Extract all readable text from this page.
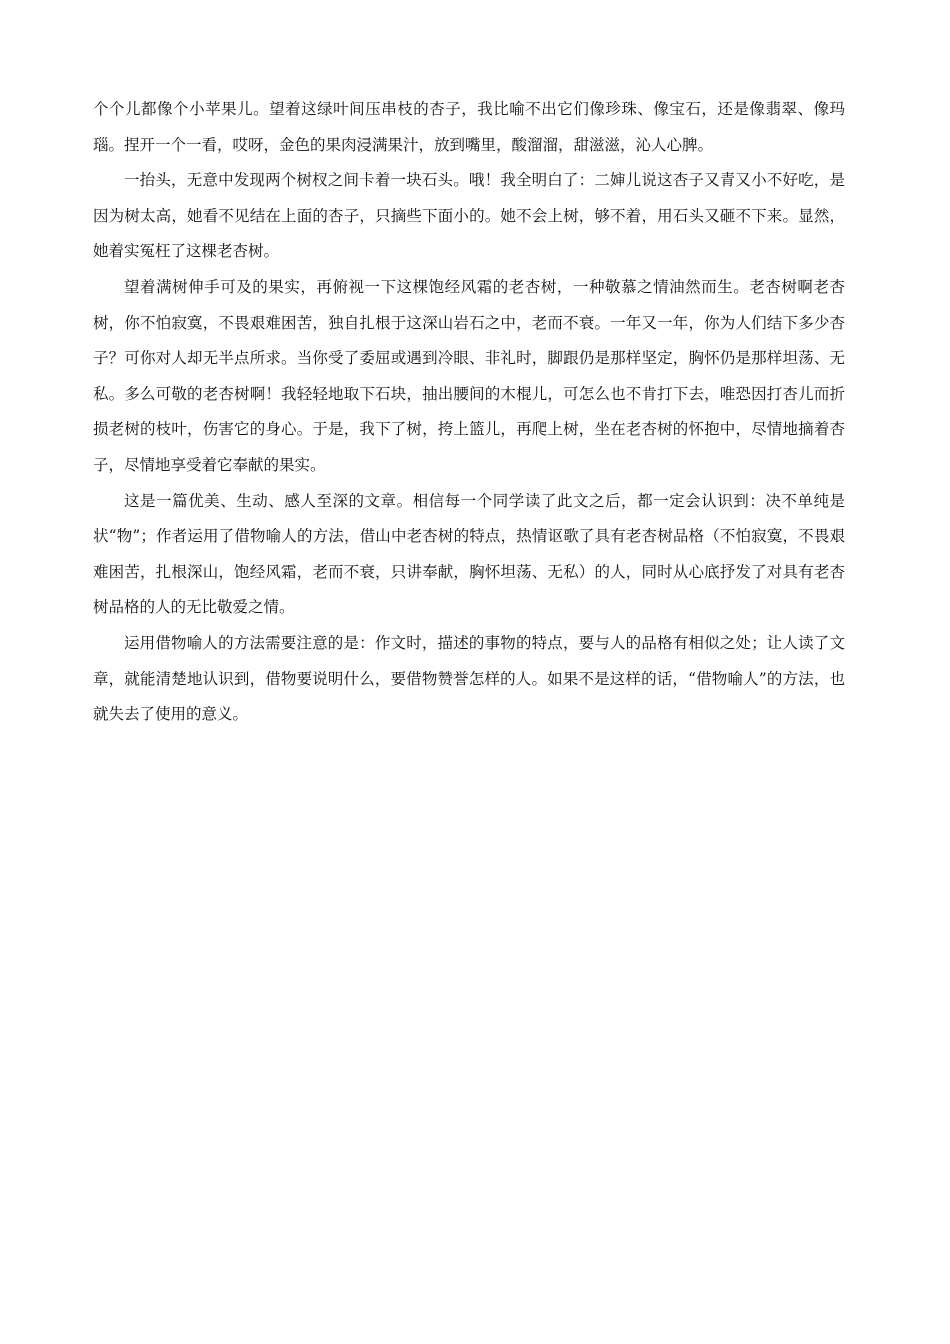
个个儿都像个小苹果儿。望着这绿叶间压串枝的杏子，我比喻不出它们像珍珠、像宝石，还是像翡翠、像玛瑙。捏开一个一看，哎呀，金色的果肉浸满果汁，放到嘴里，酸溜溜，甜滋滋，沁人心脾。

一抬头，无意中发现两个树杈之间卡着一块石头。哦！我全明白了：二婶儿说这杏子又青又小不好吃，是因为树太高，她看不见结在上面的杏子，只摘些下面小的。她不会上树，够不着，用石头又砸不下来。显然，她着实冤枉了这棵老杏树。

望着满树伸手可及的果实，再俯视一下这棵饱经风霜的老杏树，一种敬慕之情油然而生。老杏树啊老杏树，你不怕寂寞，不畏艰难困苦，独自扎根于这深山岩石之中，老而不衰。一年又一年，你为人们结下多少杏子？可你对人却无半点所求。当你受了委屈或遇到冷眼、非礼时，脚跟仍是那样坚定，胸怀仍是那样坦荡、无私。多么可敬的老杏树啊！我轻轻地取下石块，抽出腰间的木棍儿，可怎么也不肯打下去，唯恐因打杏儿而折损老树的枝叶，伤害它的身心。于是，我下了树，挎上篮儿，再爬上树，坐在老杏树的怀抱中，尽情地摘着杏子，尽情地享受着它奉献的果实。

这是一篇优美、生动、感人至深的文章。相信每一个同学读了此文之后，都一定会认识到：决不单纯是状“物”；作者运用了借物喻人的方法，借山中老杏树的特点，热情讴歌了具有老杏树品格（不怕寂寞，不畏艰难困苦，扎根深山，饱经风霜，老而不衰，只讲奉献，胸怀坦荡、无私）的人，同时从心底抒发了对具有老杏树品格的人的无比敬爱之情。

运用借物喻人的方法需要注意的是：作文时，描述的事物的特点，要与人的品格有相似之处；让人读了文章，就能清楚地认识到，借物要说明什么，要借物赞誉怎样的人。如果不是这样的话，“借物喻人”的方法，也就失去了使用的意义。
